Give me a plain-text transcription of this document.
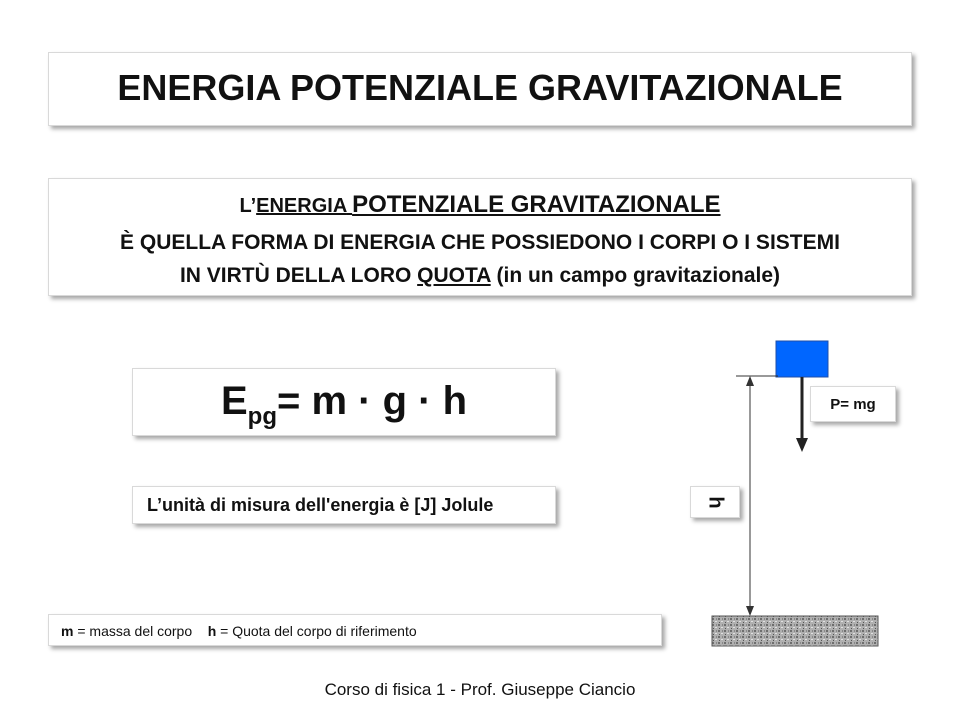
ENERGIA POTENZIALE GRAVITAZIONALE
L’ENERGIA POTENZIALE GRAVITAZIONALE
È QUELLA FORMA DI ENERGIA CHE POSSIEDONO I CORPI O I SISTEMI
IN VIRTÙ DELLA LORO QUOTA (in un campo gravitazionale)
$E_{pg}= m \cdot g \cdot h$
L’unità di misura dell'energia è [J] Jolule
m = massa del corpo h = Quota del corpo di riferimento
P= mg
h
Corso di fisica 1 - Prof. Giuseppe Ciancio
